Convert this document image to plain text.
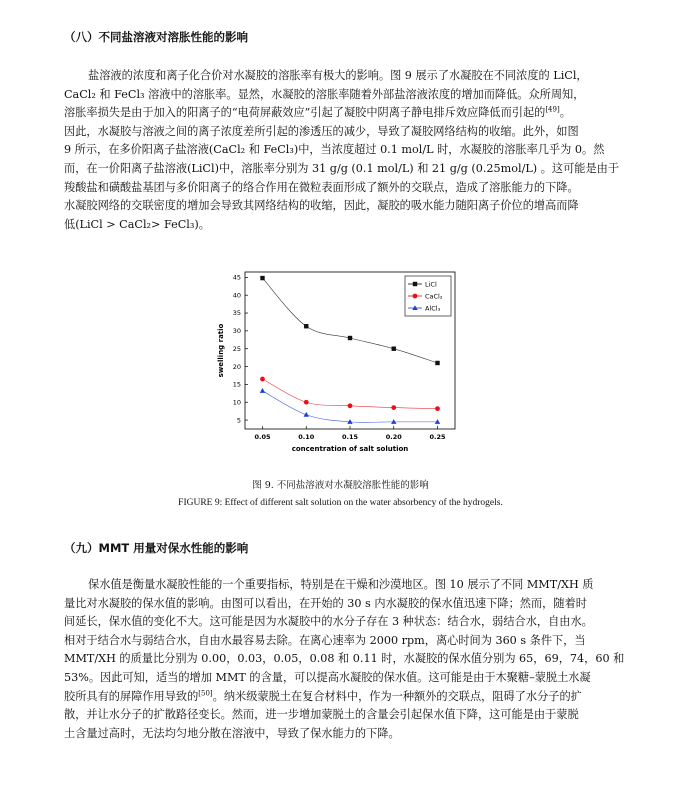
（八）不同盐溶液对溶胀性能的影响
盐溶液的浓度和离子化合价对水凝胶的溶胀率有极大的影响。图 9 展示了水凝胶在不同浓度的 LiCl，
CaCl₂ 和 FeCl₃ 溶液中的溶胀率。显然，水凝胶的溶胀率随着外部盐溶液浓度的增加而降低。众所周知，
溶胀率损失是由于加入的阳离子的“电荷屏蔽效应”引起了凝胶中阴离子静电排斥效应降低而引起的[49]。
因此，水凝胶与溶液之间的离子浓度差所引起的渗透压的减少，导致了凝胶网络结构的收缩。此外，如图
9 所示，在多价阳离子盐溶液(CaCl₂ 和 FeCl₃)中，当浓度超过 0.1 mol/L 时，水凝胶的溶胀率几乎为 0。然
而，在一价阳离子盐溶液(LiCl)中，溶胀率分别为 31 g/g (0.1 mol/L) 和 21 g/g (0.25mol/L) 。这可能是由于
羧酸盐和磺酸盐基团与多价阳离子的络合作用在微粒表面形成了额外的交联点，造成了溶胀能力的下降。
水凝胶网络的交联密度的增加会导致其网络结构的收缩，因此，凝胶的吸水能力随阳离子价位的增高而降
低(LiCl > CaCl₂> FeCl₃)。
0.05	0.10	0.15	0.20	0.25
5
10
15
20
25
30
35
40
45
concentration of salt solution
swelling ratio
LiCl
CaCl₂
AlCl₃
图 9. 不同盐溶液对水凝胶溶胀性能的影响
FIGURE 9: Effect of different salt solution on the water absorbency of the hydrogels.
（九）MMT 用量对保水性能的影响
保水值是衡量水凝胶性能的一个重要指标，特别是在干燥和沙漠地区。图 10 展示了不同 MMT/XH 质
量比对水凝胶的保水值的影响。由图可以看出，在开始的 30 s 内水凝胶的保水值迅速下降；然而，随着时
间延长，保水值的变化不大。这可能是因为水凝胶中的水分子存在 3 种状态：结合水，弱结合水，自由水。
相对于结合水与弱结合水，自由水最容易去除。在离心速率为 2000 rpm，离心时间为 360 s 条件下，当
MMT/XH 的质量比分别为 0.00，0.03，0.05，0.08 和 0.11 时，水凝胶的保水值分别为 65，69，74，60 和
53%。因此可知，适当的增加 MMT 的含量，可以提高水凝胶的保水值。这可能是由于木聚糖–蒙脱土水凝
胶所具有的屏障作用导致的[50]。纳米级蒙脱土在复合材料中，作为一种额外的交联点，阻碍了水分子的扩
散，并让水分子的扩散路径变长。然而，进一步增加蒙脱土的含量会引起保水值下降，这可能是由于蒙脱
土含量过高时，无法均匀地分散在溶液中，导致了保水能力的下降。
